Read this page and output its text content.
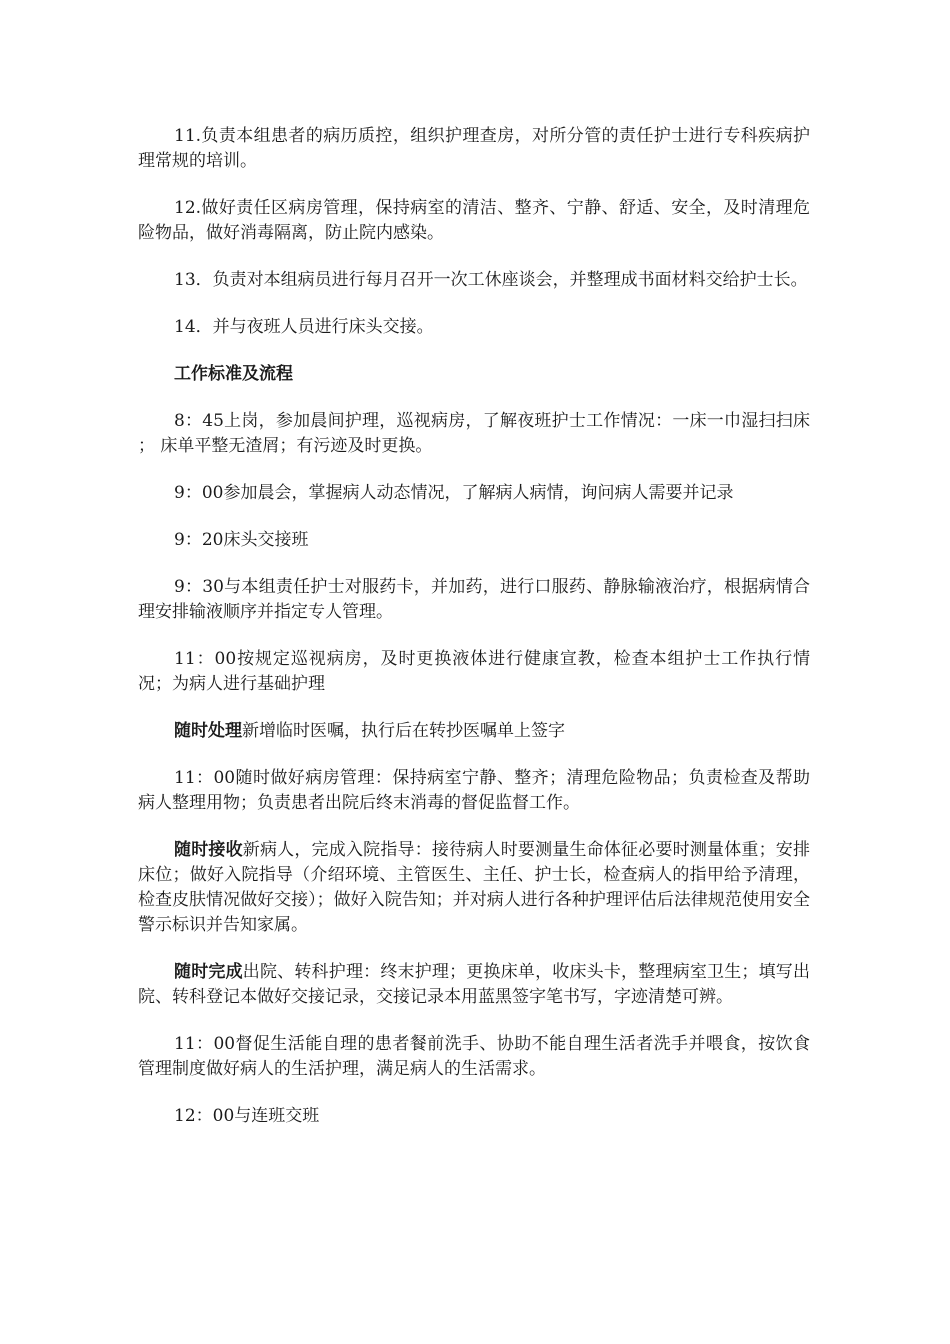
11.负责本组患者的病历质控，组织护理查房，对所分管的责任护士进行专科疾病护理常规的培训。

12.做好责任区病房管理，保持病室的清洁、整齐、宁静、舒适、安全，及时清理危险物品，做好消毒隔离，防止院内感染。

13．负责对本组病员进行每月召开一次工休座谈会，并整理成书面材料交给护士长。

14．并与夜班人员进行床头交接。

工作标准及流程

8：45上岗，参加晨间护理，巡视病房，了解夜班护士工作情况：一床一巾湿扫扫床 ； 床单平整无渣屑；有污迹及时更换。

9：00参加晨会，掌握病人动态情况，了解病人病情，询问病人需要并记录

9：20床头交接班

9：30与本组责任护士对服药卡，并加药，进行口服药、静脉输液治疗，根据病情合理安排输液顺序并指定专人管理。

11：00按规定巡视病房，及时更换液体进行健康宣教，检查本组护士工作执行情况；为病人进行基础护理

随时处理新增临时医嘱，执行后在转抄医嘱单上签字

11：00随时做好病房管理：保持病室宁静、整齐；清理危险物品；负责检查及帮助病人整理用物；负责患者出院后终末消毒的督促监督工作。

随时接收新病人，完成入院指导：接待病人时要测量生命体征必要时测量体重；安排床位；做好入院指导（介绍环境、主管医生、主任、护士长，检查病人的指甲给予清理，检查皮肤情况做好交接）；做好入院告知；并对病人进行各种护理评估后法律规范使用安全警示标识并告知家属。

随时完成出院、转科护理：终末护理；更换床单，收床头卡，整理病室卫生；填写出院、转科登记本做好交接记录，交接记录本用蓝黑签字笔书写，字迹清楚可辨。

11：00督促生活能自理的患者餐前洗手、协助不能自理生活者洗手并喂食，按饮食管理制度做好病人的生活护理，满足病人的生活需求。

12：00与连班交班
